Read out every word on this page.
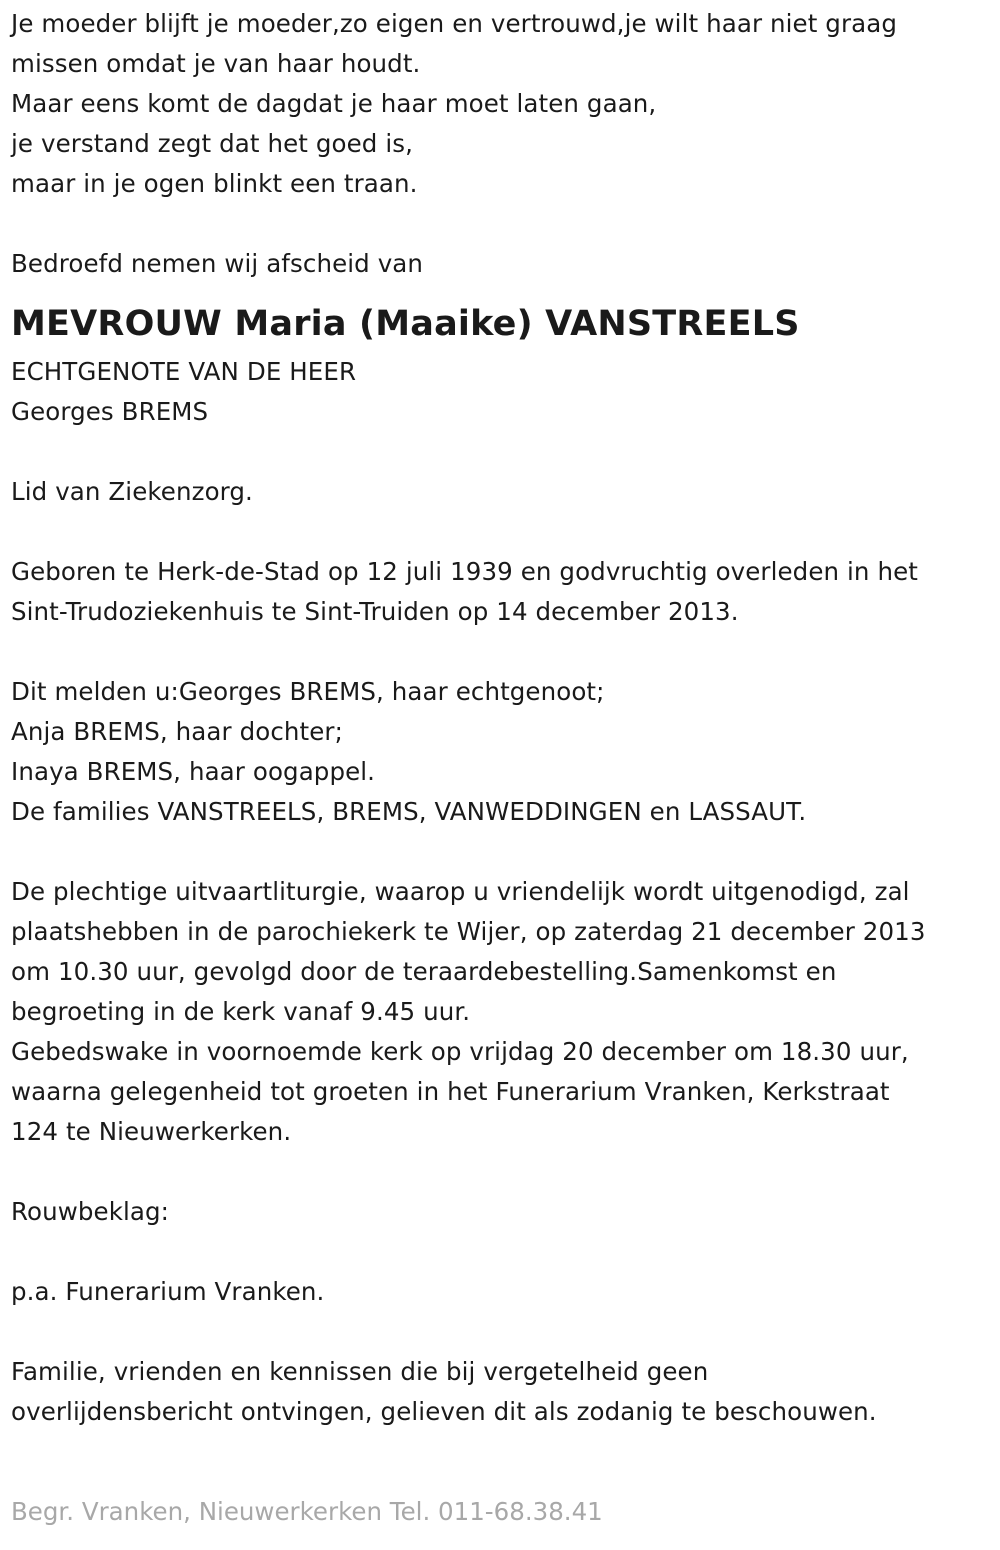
Je moeder blijft je moeder,zo eigen en vertrouwd,je wilt haar niet graag
missen omdat je van haar houdt.
Maar eens komt de dagdat je haar moet laten gaan,
je verstand zegt dat het goed is,
maar in je ogen blinkt een traan.
Bedroefd nemen wij afscheid van
MEVROUW Maria (Maaike) VANSTREELS
ECHTGENOTE VAN DE HEER
Georges BREMS
Lid van Ziekenzorg.
Geboren te Herk-de-Stad op 12 juli 1939 en godvruchtig overleden in het
Sint-Trudoziekenhuis te Sint-Truiden op 14 december 2013.
Dit melden u:Georges BREMS, haar echtgenoot;
Anja BREMS, haar dochter;
Inaya BREMS, haar oogappel.
De families VANSTREELS, BREMS, VANWEDDINGEN en LASSAUT.
De plechtige uitvaartliturgie, waarop u vriendelijk wordt uitgenodigd, zal
plaatshebben in de parochiekerk te Wijer, op zaterdag 21 december 2013
om 10.30 uur, gevolgd door de teraardebestelling.Samenkomst en
begroeting in de kerk vanaf 9.45 uur.
Gebedswake in voornoemde kerk op vrijdag 20 december om 18.30 uur,
waarna gelegenheid tot groeten in het Funerarium Vranken, Kerkstraat
124 te Nieuwerkerken.
Rouwbeklag:
p.a. Funerarium Vranken.
Familie, vrienden en kennissen die bij vergetelheid geen
overlijdensbericht ontvingen, gelieven dit als zodanig te beschouwen.
Begr. Vranken, Nieuwerkerken Tel. 011-68.38.41
